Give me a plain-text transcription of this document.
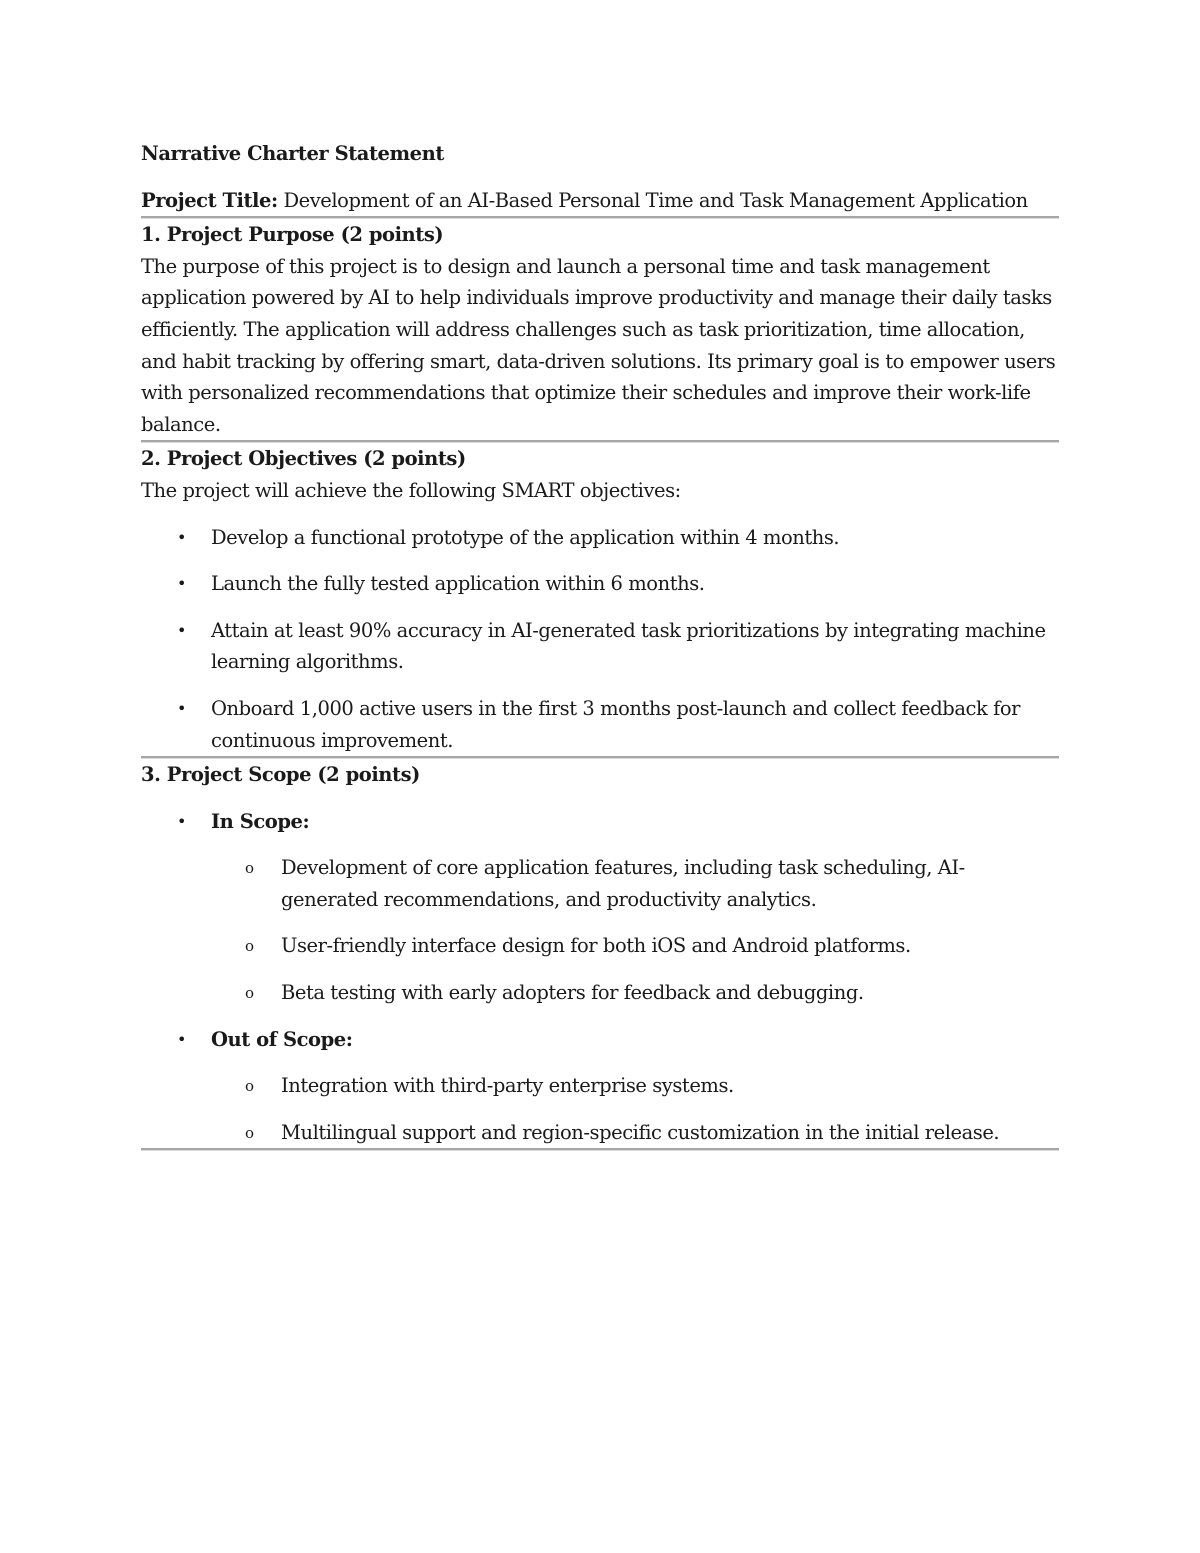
Narrative Charter Statement

Project Title: Development of an AI-Based Personal Time and Task Management Application

1. Project Purpose (2 points)

The purpose of this project is to design and launch a personal time and task management application powered by AI to help individuals improve productivity and manage their daily tasks efficiently. The application will address challenges such as task prioritization, time allocation, and habit tracking by offering smart, data-driven solutions. Its primary goal is to empower users with personalized recommendations that optimize their schedules and improve their work-life balance.

2. Project Objectives (2 points)

The project will achieve the following SMART objectives:

• Develop a functional prototype of the application within 4 months.
• Launch the fully tested application within 6 months.
• Attain at least 90% accuracy in AI-generated task prioritizations by integrating machine learning algorithms.
• Onboard 1,000 active users in the first 3 months post-launch and collect feedback for continuous improvement.
3. Project Scope (2 points)
• In Scope:
o Development of core application features, including task scheduling, AI-generated recommendations, and productivity analytics.
o User-friendly interface design for both iOS and Android platforms.
o Beta testing with early adopters for feedback and debugging.
• Out of Scope:
o Integration with third-party enterprise systems.
o Multilingual support and region-specific customization in the initial release.
